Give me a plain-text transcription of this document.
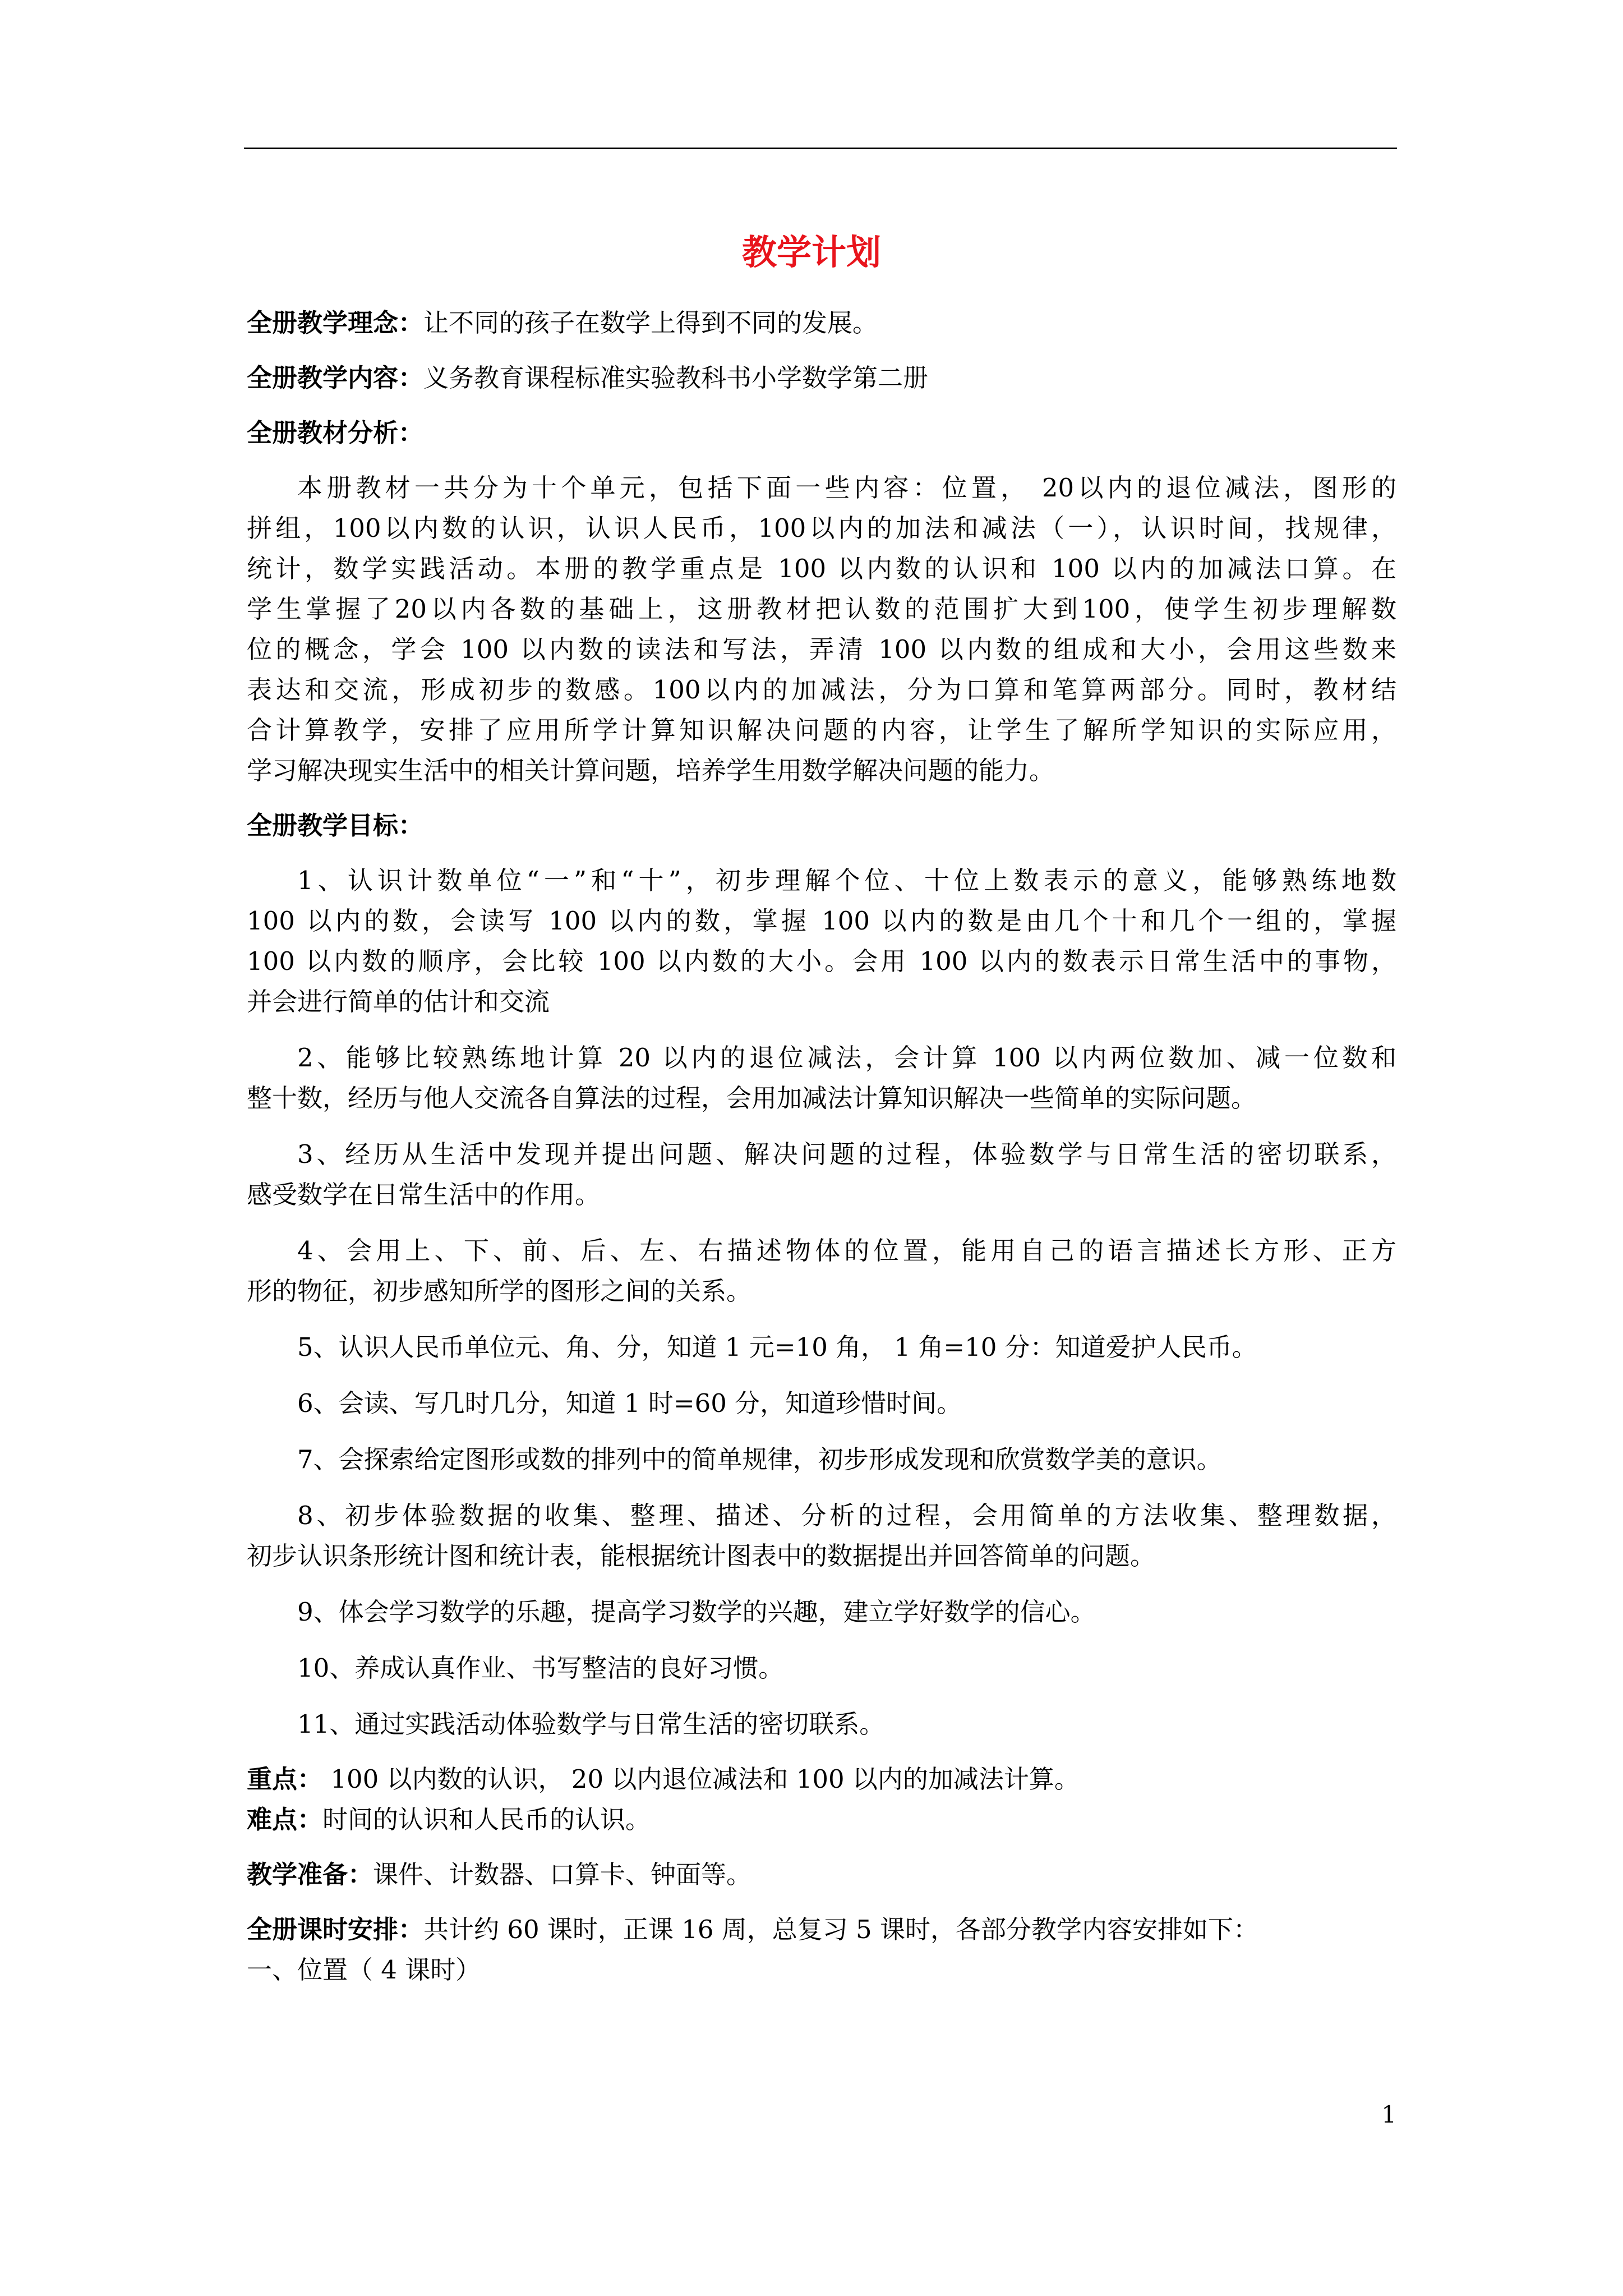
教学计划

全册教学理念：让不同的孩子在数学上得到不同的发展。

全册教学内容：义务教育课程标准实验教科书小学数学第二册

全册教材分析：

本册教材一共分为十个单元，包括下面一些内容：位置， 20以内的退位减法，图形的
拼组，100以内数的认识，认识人民币，100以内的加法和减法（一），认识时间，找规律，
统计，数学实践活动。本册的教学重点是 100 以内数的认识和 100 以内的加减法口算。在
学生掌握了20以内各数的基础上，这册教材把认数的范围扩大到100，使学生初步理解数
位的概念，学会 100 以内数的读法和写法，弄清 100 以内数的组成和大小，会用这些数来
表达和交流，形成初步的数感。100以内的加减法，分为口算和笔算两部分。同时，教材结
合计算教学，安排了应用所学计算知识解决问题的内容，让学生了解所学知识的实际应用，
学习解决现实生活中的相关计算问题，培养学生用数学解决问题的能力。

全册教学目标：

1、认识计数单位“一”和“十”，初步理解个位、十位上数表示的意义，能够熟练地数
100 以内的数，会读写 100 以内的数，掌握 100 以内的数是由几个十和几个一组的，掌握
100 以内数的顺序，会比较 100 以内数的大小。会用 100 以内的数表示日常生活中的事物，
并会进行简单的估计和交流

2、能够比较熟练地计算 20 以内的退位减法，会计算 100 以内两位数加、减一位数和
整十数，经历与他人交流各自算法的过程，会用加减法计算知识解决一些简单的实际问题。

3、经历从生活中发现并提出问题、解决问题的过程，体验数学与日常生活的密切联系，
感受数学在日常生活中的作用。

4、会用上、下、前、后、左、右描述物体的位置，能用自己的语言描述长方形、正方
形的物征，初步感知所学的图形之间的关系。

5、认识人民币单位元、角、分，知道 1 元=10 角， 1 角=10 分：知道爱护人民币。

6、会读、写几时几分，知道 1 时=60 分，知道珍惜时间。

7、会探索给定图形或数的排列中的简单规律，初步形成发现和欣赏数学美的意识。

8、初步体验数据的收集、整理、描述、分析的过程，会用简单的方法收集、整理数据，
初步认识条形统计图和统计表，能根据统计图表中的数据提出并回答简单的问题。

9、体会学习数学的乐趣，提高学习数学的兴趣，建立学好数学的信心。

10、养成认真作业、书写整洁的良好习惯。

11、通过实践活动体验数学与日常生活的密切联系。

重点： 100 以内数的认识， 20 以内退位减法和 100 以内的加减法计算。

难点：时间的认识和人民币的认识。

教学准备：课件、计数器、口算卡、钟面等。

全册课时安排：共计约 60 课时，正课 16 周，总复习 5 课时，各部分教学内容安排如下：

一、位置（ 4 课时）

1
